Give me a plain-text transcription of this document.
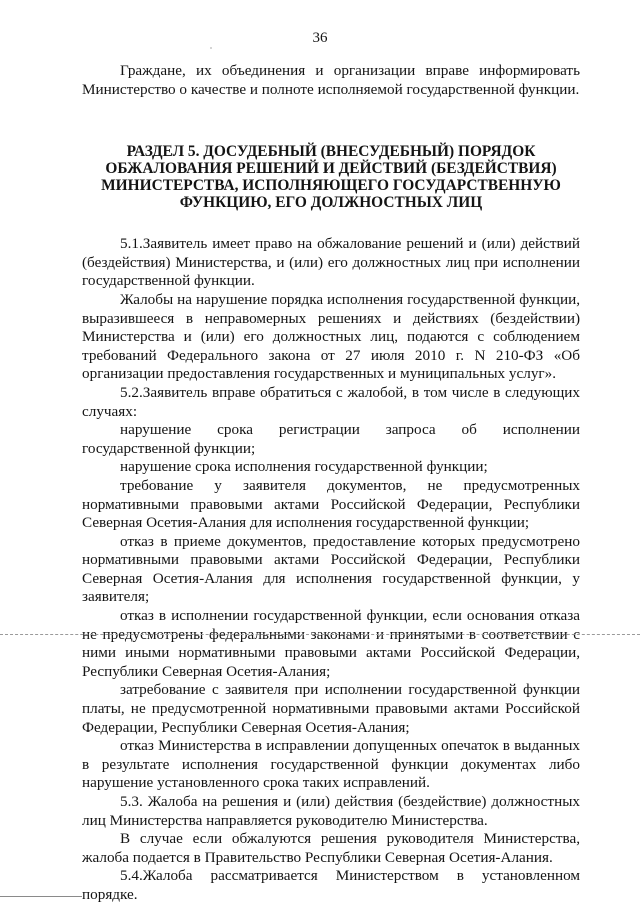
36

Граждане, их объединения и организации вправе информировать Министерство о качестве и полноте исполняемой государственной функции.

РАЗДЕЛ 5. ДОСУДЕБНЫЙ (ВНЕСУДЕБНЫЙ) ПОРЯДОК ОБЖАЛОВАНИЯ РЕШЕНИЙ И ДЕЙСТВИЙ (БЕЗДЕЙСТВИЯ) МИНИСТЕРСТВА, ИСПОЛНЯЮЩЕГО ГОСУДАРСТВЕННУЮ ФУНКЦИЮ, ЕГО ДОЛЖНОСТНЫХ ЛИЦ

5.1.Заявитель имеет право на обжалование решений и (или) действий (бездействия) Министерства, и (или) его должностных лиц при исполнении государственной функции.

Жалобы на нарушение порядка исполнения государственной функции, выразившееся в неправомерных решениях и действиях (бездействии) Министерства и (или) его должностных лиц, подаются с соблюдением требований Федерального закона от 27 июля 2010 г. N 210-ФЗ «Об организации предоставления государственных и муниципальных услуг».

5.2.Заявитель вправе обратиться с жалобой, в том числе в следующих случаях:

нарушение срока регистрации запроса об исполнении государственной функции;

нарушение срока исполнения государственной функции;

требование у заявителя документов, не предусмотренных нормативными правовыми актами Российской Федерации, Республики Северная Осетия-Алания для исполнения государственной функции;

отказ в приеме документов, предоставление которых предусмотрено нормативными правовыми актами Российской Федерации, Республики Северная Осетия-Алания для исполнения государственной функции, у заявителя;

отказ в исполнении государственной функции, если основания отказа не предусмотрены федеральными законами и принятыми в соответствии с ними иными нормативными правовыми актами Российской Федерации, Республики Северная Осетия-Алания;

затребование с заявителя при исполнении государственной функции платы, не предусмотренной нормативными правовыми актами Российской Федерации, Республики Северная Осетия-Алания;

отказ Министерства в исправлении допущенных опечаток в выданных в результате исполнения государственной функции документах либо нарушение установленного срока таких исправлений.

5.3. Жалоба на решения и (или) действия (бездействие) должностных лиц Министерства направляется руководителю Министерства.

В случае если обжалуются решения руководителя Министерства, жалоба подается в Правительство Республики Северная Осетия-Алания.

5.4.Жалоба рассматривается Министерством в установленном порядке.
